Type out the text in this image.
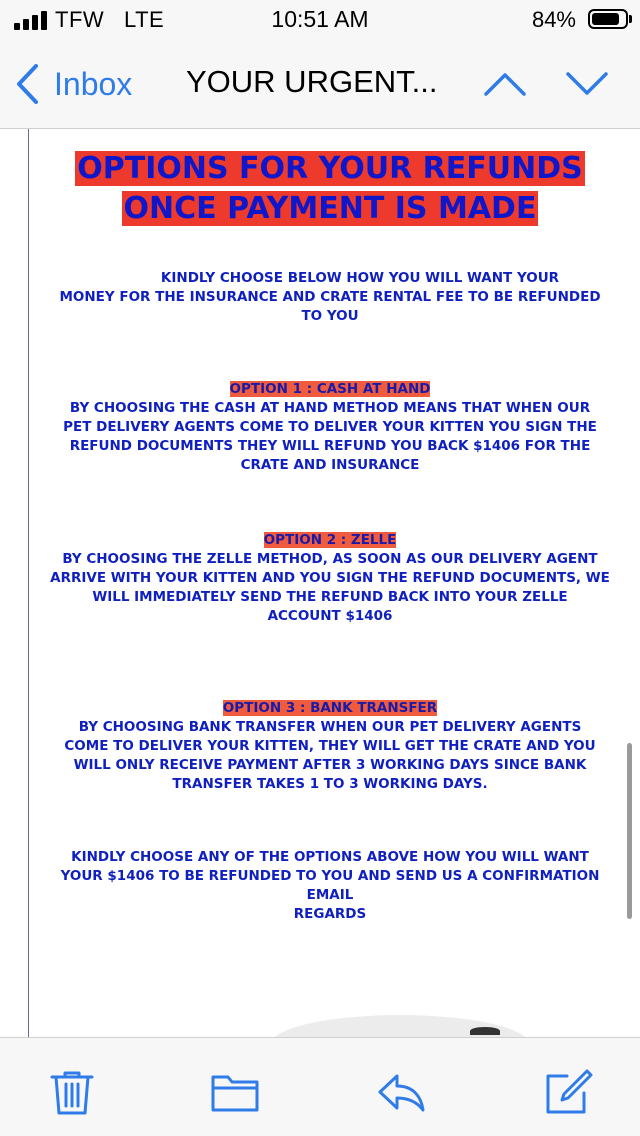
TFW LTE	10:51 AM	84%
Inbox YOUR URGENT...
OPTIONS FOR YOUR REFUNDS
ONCE PAYMENT IS MADE
KINDLY CHOOSE BELOW HOW YOU WILL WANT YOUR
MONEY FOR THE INSURANCE AND CRATE RENTAL FEE TO BE REFUNDED
TO YOU
OPTION 1 : CASH AT HAND
BY CHOOSING THE CASH AT HAND METHOD MEANS THAT WHEN OUR
PET DELIVERY AGENTS COME TO DELIVER YOUR KITTEN YOU SIGN THE
REFUND DOCUMENTS THEY WILL REFUND YOU BACK $1406 FOR THE
CRATE AND INSURANCE
OPTION 2 : ZELLE
BY CHOOSING THE ZELLE METHOD, AS SOON AS OUR DELIVERY AGENT
ARRIVE WITH YOUR KITTEN AND YOU SIGN THE REFUND DOCUMENTS, WE
WILL IMMEDIATELY SEND THE REFUND BACK INTO YOUR ZELLE
ACCOUNT $1406
OPTION 3 : BANK TRANSFER
BY CHOOSING BANK TRANSFER WHEN OUR PET DELIVERY AGENTS
COME TO DELIVER YOUR KITTEN, THEY WILL GET THE CRATE AND YOU
WILL ONLY RECEIVE PAYMENT AFTER 3 WORKING DAYS SINCE BANK
TRANSFER TAKES 1 TO 3 WORKING DAYS.
KINDLY CHOOSE ANY OF THE OPTIONS ABOVE HOW YOU WILL WANT
YOUR $1406 TO BE REFUNDED TO YOU AND SEND US A CONFIRMATION
EMAIL
REGARDS
